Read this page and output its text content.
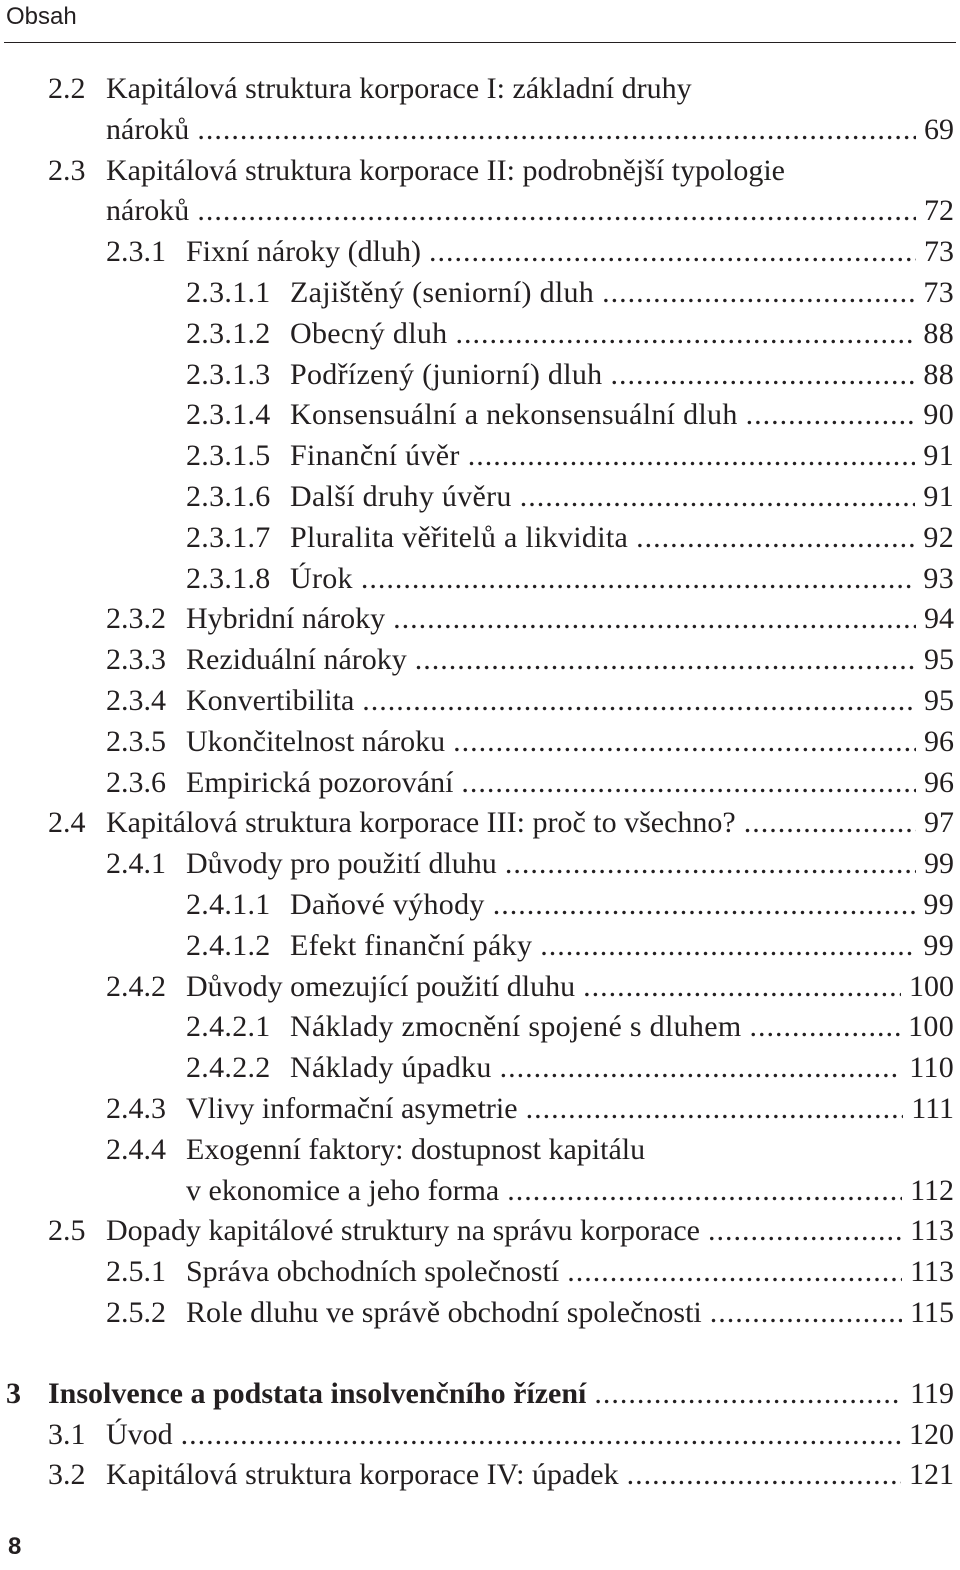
Obsah
2.2 Kapitálová struktura korporace I: základní druhy
nároků .....	69
2.3 Kapitálová struktura korporace II: podrobnější typologie
nároků .....	72
2.3.1 Fixní nároky (dluh) .....	73
2.3.1.1 Zajištěný (seniorní) dluh .....	73
2.3.1.2 Obecný dluh .....	88
2.3.1.3 Podřízený (juniorní) dluh .....	88
2.3.1.4 Konsensuální a nekonsensuální dluh .....	90
2.3.1.5 Finanční úvěr .....	91
2.3.1.6 Další druhy úvěru .....	91
2.3.1.7 Pluralita věřitelů a likvidita .....	92
2.3.1.8 Úrok .....	93
2.3.2 Hybridní nároky .....	94
2.3.3 Reziduální nároky .....	95
2.3.4 Konvertibilita .....	95
2.3.5 Ukončitelnost nároku .....	96
2.3.6 Empirická pozorování .....	96
2.4 Kapitálová struktura korporace III: proč to všechno? .....	97
2.4.1 Důvody pro použití dluhu .....	99
2.4.1.1 Daňové výhody .....	99
2.4.1.2 Efekt finanční páky .....	99
2.4.2 Důvody omezující použití dluhu .....	100
2.4.2.1 Náklady zmocnění spojené s dluhem .....	100
2.4.2.2 Náklady úpadku .....	110
2.4.3 Vlivy informační asymetrie .....	111
2.4.4 Exogenní faktory: dostupnost kapitálu
v ekonomice a jeho forma .....	112
2.5 Dopady kapitálové struktury na správu korporace .....	113
2.5.1 Správa obchodních společností .....	113
2.5.2 Role dluhu ve správě obchodní společnosti .....	115
3 Insolvence a podstata insolvenčního řízení .....	119
3.1 Úvod .....	120
3.2 Kapitálová struktura korporace IV: úpadek .....	121
8
